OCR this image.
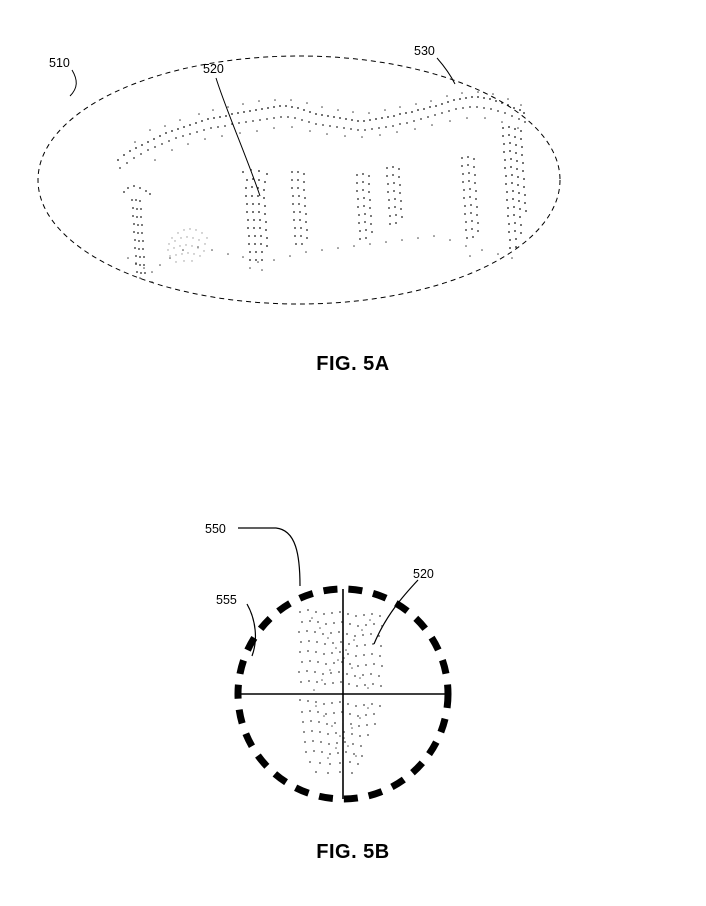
510	520
530
550
520
555
FIG. 5A
FIG. 5B
